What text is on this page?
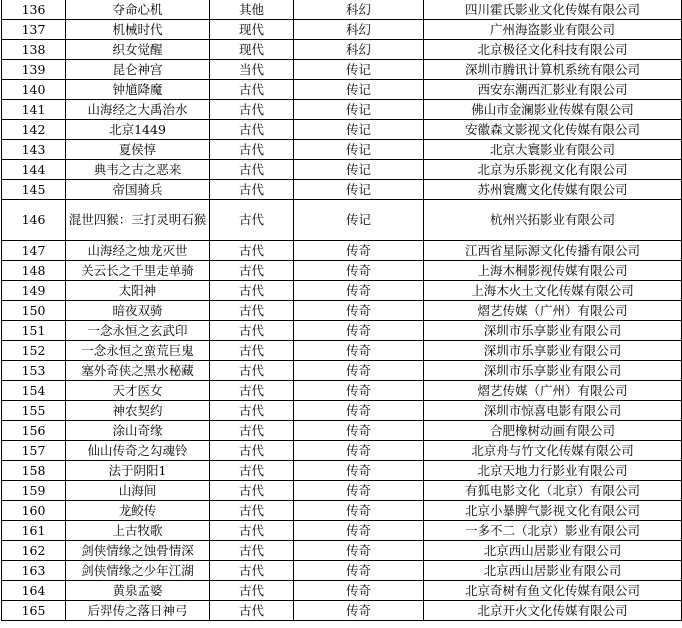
136	夺命心机	其他	科幻	四川霍氏影业文化传媒有限公司
137	机械时代	现代	科幻	广州海盗影业有限公司
138	织女觉醒	现代	科幻	北京极径文化科技有限公司
139	昆仑神宫	当代	传记	深圳市腾讯计算机系统有限公司
140	钟馗降魔	古代	传记	西安东潮西汇影业有限公司
141	山海经之大禹治水	古代	传记	佛山市金澜影业传媒有限公司
142	北京1449	古代	传记	安徽森文影视文化传媒有限公司
143	夏侯惇	古代	传记	北京大寰影业有限公司
144	典韦之古之恶来	古代	传记	北京为乐影视文化有限公司
145	帝国骑兵	古代	传记	苏州寰鹰文化传媒有限公司
146	混世四猴：三打灵明石猴	古代	传记	杭州兴拓影业有限公司
147	山海经之烛龙灭世	古代	传奇	江西省星际源文化传播有限公司
148	关云长之千里走单骑	古代	传奇	上海木桐影视传媒有限公司
149	太阳神	古代	传奇	上海木火土文化传媒有限公司
150	暗夜双骑	古代	传奇	熠艺传媒（广州）有限公司
151	一念永恒之玄武印	古代	传奇	深圳市乐享影业有限公司
152	一念永恒之蛮荒巨鬼	古代	传奇	深圳市乐享影业有限公司
153	塞外奇侠之黑水秘藏	古代	传奇	深圳市乐享影业有限公司
154	天才医女	古代	传奇	熠艺传媒（广州）有限公司
155	神农契约	古代	传奇	深圳市惊喜电影有限公司
156	涂山奇缘	古代	传奇	合肥橡树动画有限公司
157	仙山传奇之勾魂铃	古代	传奇	北京舟与竹文化传媒有限公司
158	法于阴阳1	古代	传奇	北京天地力行影业有限公司
159	山海间	古代	传奇	有狐电影文化（北京）有限公司
160	龙鲛传	古代	传奇	北京小暴脾气影视文化有限公司
161	上古牧歌	古代	传奇	一多不二（北京）影业有限公司
162	剑侠情缘之蚀骨情深	古代	传奇	北京西山居影业有限公司
163	剑侠情缘之少年江湖	古代	传奇	北京西山居影业有限公司
164	黄泉孟婆	古代	传奇	北京奇树有鱼文化传媒有限公司
165	后羿传之落日神弓	古代	传奇	北京开火文化传媒有限公司
